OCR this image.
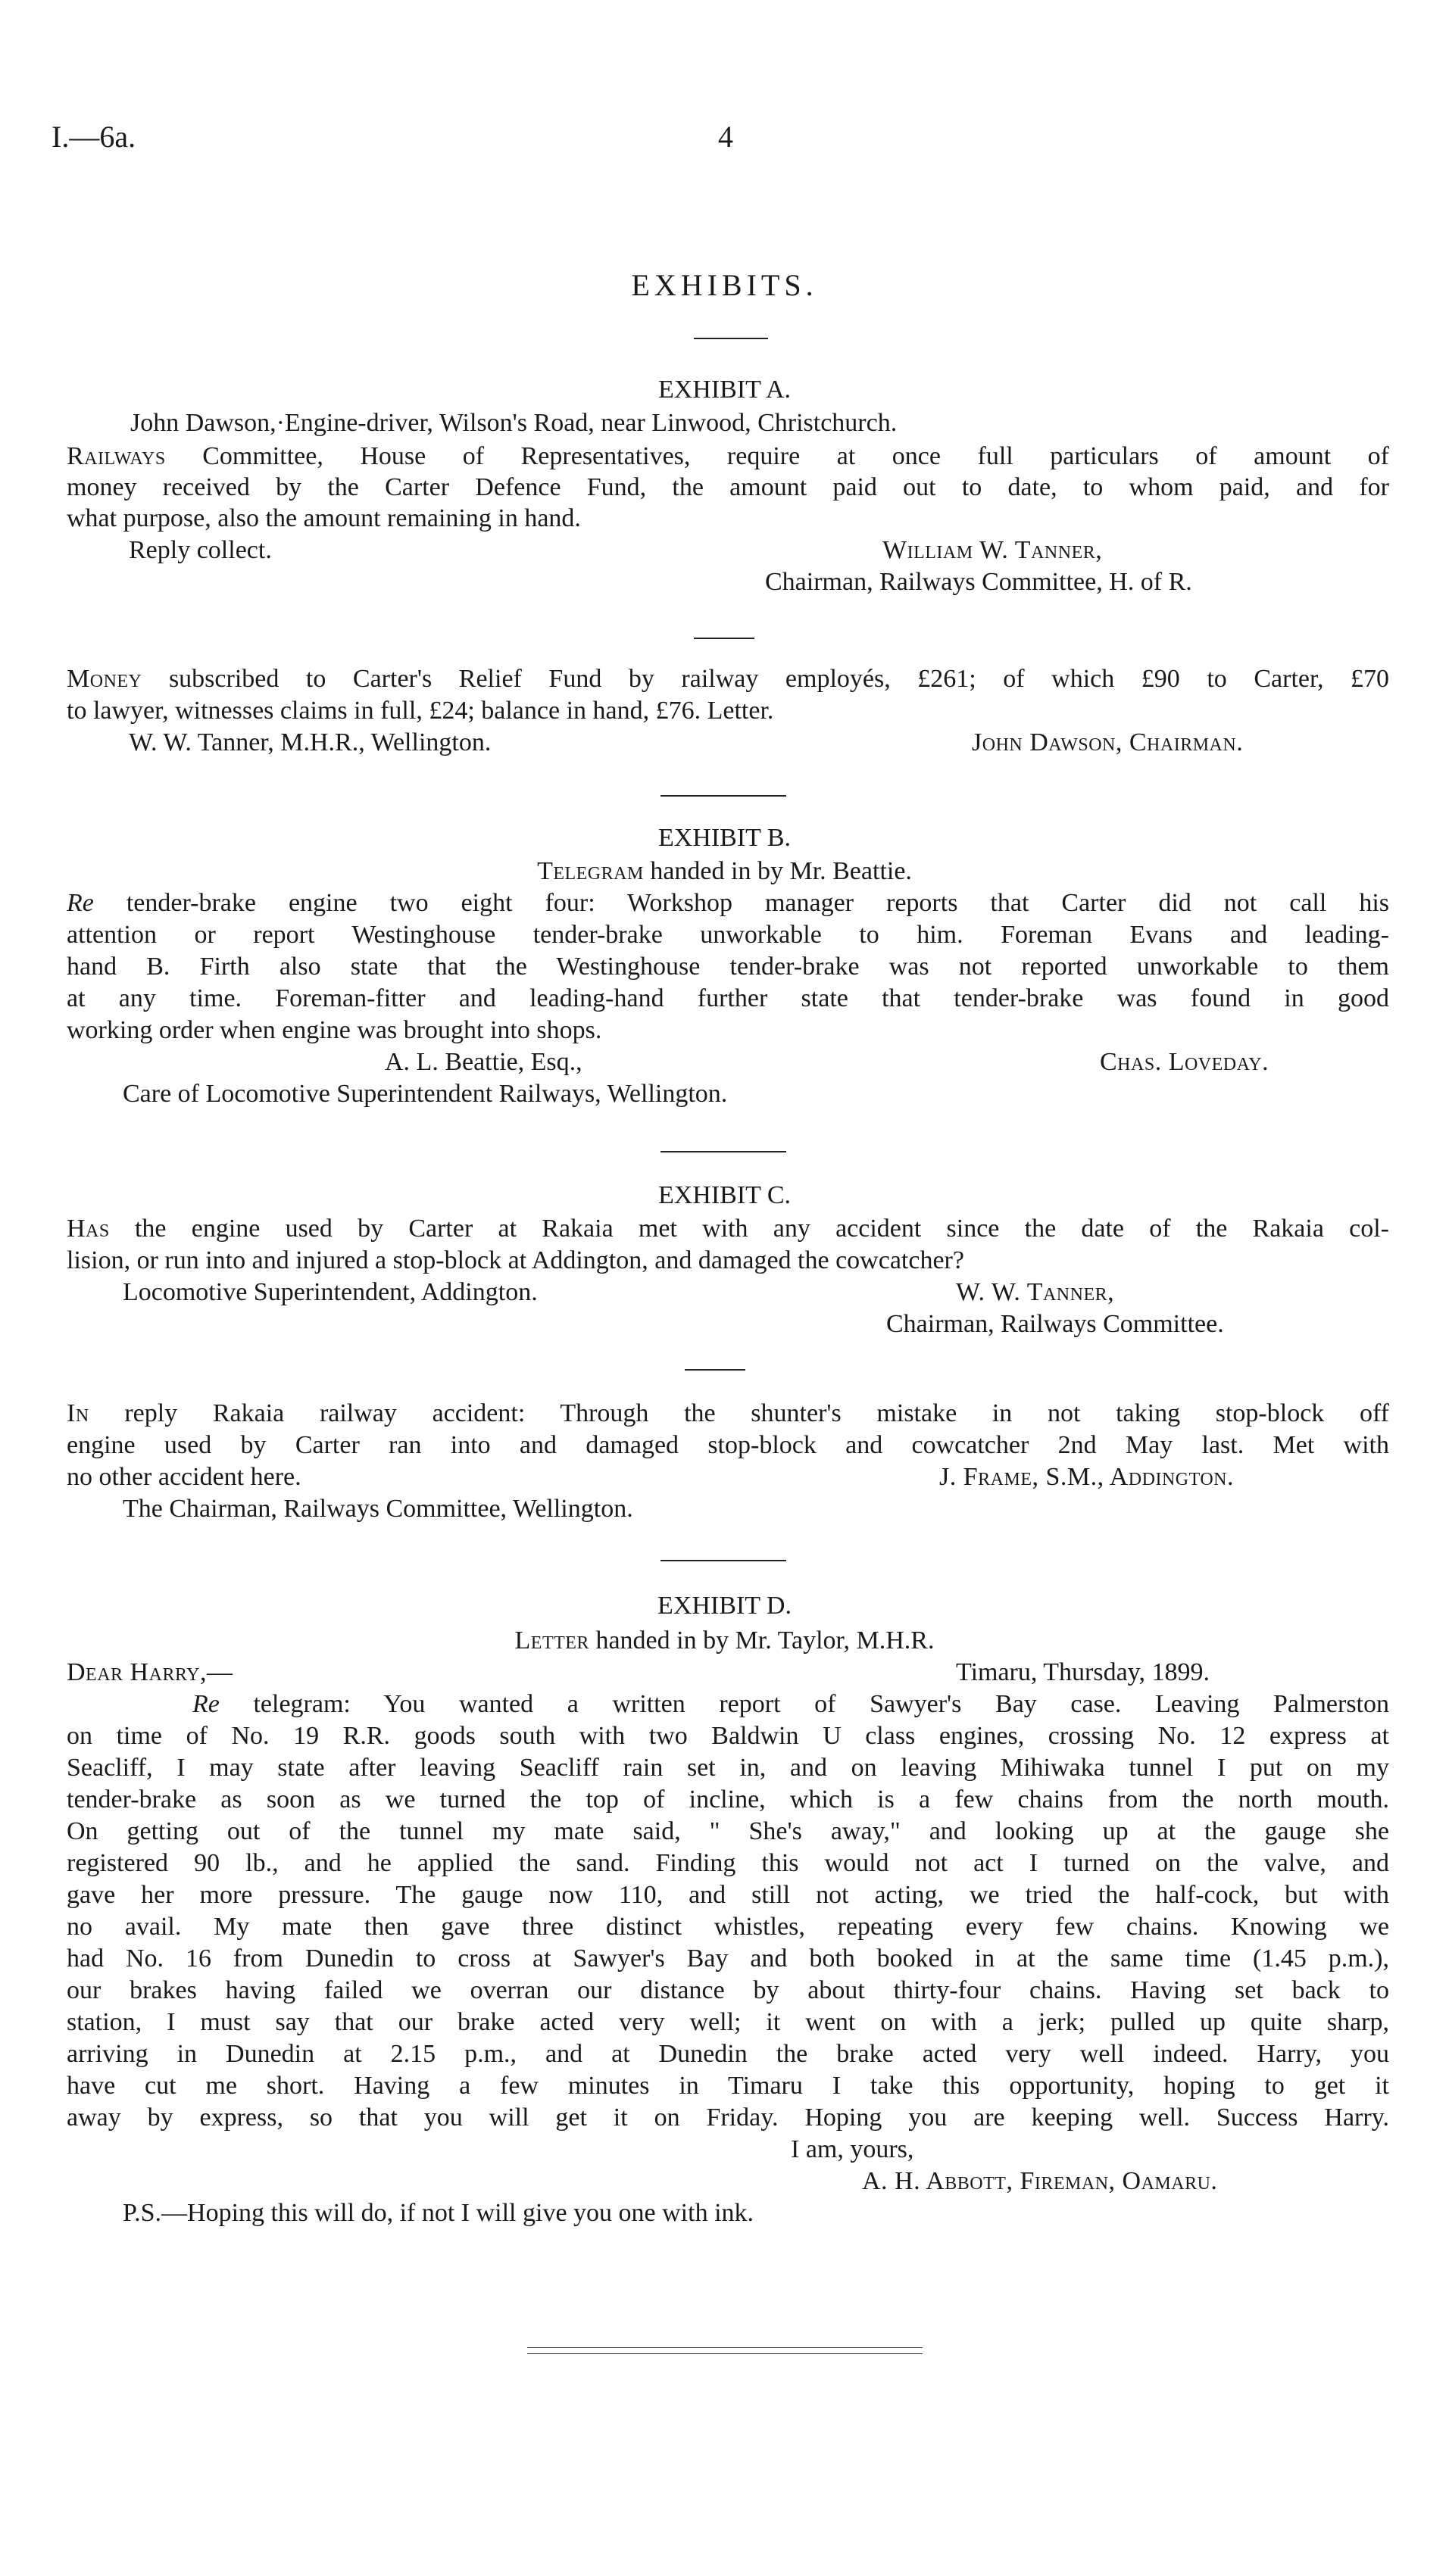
I.—6a.	4
EXHIBITS.
EXHIBIT A.
John Dawson,·Engine-driver, Wilson's Road, near Linwood, Christchurch.
Railways Committee, House of Representatives, require at once full particulars of amount of
money received by the Carter Defence Fund, the amount paid out to date, to whom paid, and for
what purpose, also the amount remaining in hand.
Reply collect.	William W. Tanner,
Chairman, Railways Committee, H. of R.
Money subscribed to Carter's Relief Fund by railway employés, £261; of which £90 to Carter, £70
to lawyer, witnesses claims in full, £24; balance in hand, £76. Letter.
W. W. Tanner, M.H.R., Wellington.	John Dawson, Chairman.
EXHIBIT B.
Telegram handed in by Mr. Beattie.
Re tender-brake engine two eight four: Workshop manager reports that Carter did not call his
attention or report Westinghouse tender-brake unworkable to him. Foreman Evans and leading-
hand B. Firth also state that the Westinghouse tender-brake was not reported unworkable to them
at any time. Foreman-fitter and leading-hand further state that tender-brake was found in good
working order when engine was brought into shops.
A. L. Beattie, Esq.,	Chas. Loveday.
Care of Locomotive Superintendent Railways, Wellington.
EXHIBIT C.
Has the engine used by Carter at Rakaia met with any accident since the date of the Rakaia col-
lision, or run into and injured a stop-block at Addington, and damaged the cowcatcher?
Locomotive Superintendent, Addington.	W. W. Tanner,
Chairman, Railways Committee.
In reply Rakaia railway accident: Through the shunter's mistake in not taking stop-block off
engine used by Carter ran into and damaged stop-block and cowcatcher 2nd May last. Met with
no other accident here.	J. Frame, S.M., Addington.
The Chairman, Railways Committee, Wellington.
EXHIBIT D.
Letter handed in by Mr. Taylor, M.H.R.
Dear Harry,—	Timaru, Thursday, 1899.
Re telegram: You wanted a written report of Sawyer's Bay case. Leaving Palmerston
on time of No. 19 R.R. goods south with two Baldwin U class engines, crossing No. 12 express at
Seacliff, I may state after leaving Seacliff rain set in, and on leaving Mihiwaka tunnel I put on my
tender-brake as soon as we turned the top of incline, which is a few chains from the north mouth.
On getting out of the tunnel my mate said, " She's away," and looking up at the gauge she
registered 90 lb., and he applied the sand. Finding this would not act I turned on the valve, and
gave her more pressure. The gauge now 110, and still not acting, we tried the half-cock, but with
no avail. My mate then gave three distinct whistles, repeating every few chains. Knowing we
had No. 16 from Dunedin to cross at Sawyer's Bay and both booked in at the same time (1.45 p.m.),
our brakes having failed we overran our distance by about thirty-four chains. Having set back to
station, I must say that our brake acted very well; it went on with a jerk; pulled up quite sharp,
arriving in Dunedin at 2.15 p.m., and at Dunedin the brake acted very well indeed. Harry, you
have cut me short. Having a few minutes in Timaru I take this opportunity, hoping to get it
away by express, so that you will get it on Friday. Hoping you are keeping well. Success Harry.
I am, yours,
A. H. Abbott, Fireman, Oamaru.
P.S.—Hoping this will do, if not I will give you one with ink.
